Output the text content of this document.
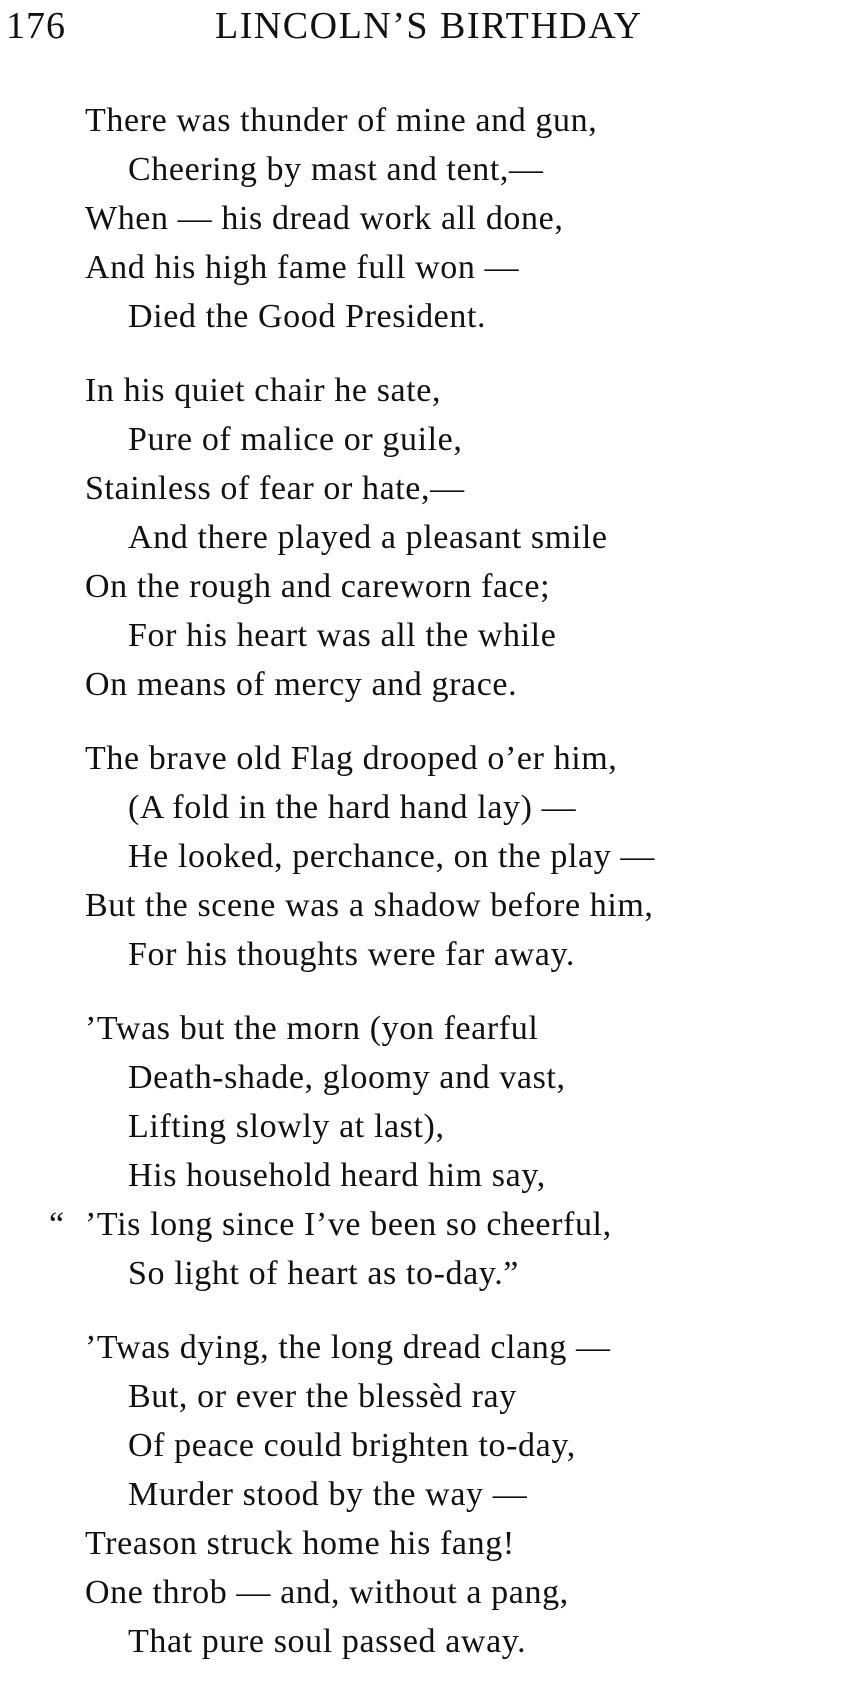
176	LINCOLN’S BIRTHDAY
There was thunder of mine and gun,
Cheering by mast and tent,—
When — his dread work all done,
And his high fame full won —
Died the Good President.
In his quiet chair he sate,
Pure of malice or guile,
Stainless of fear or hate,—
And there played a pleasant smile
On the rough and careworn face;
For his heart was all the while
On means of mercy and grace.
The brave old Flag drooped o’er him,
(A fold in the hard hand lay) —
He looked, perchance, on the play —
But the scene was a shadow before him,
For his thoughts were far away.
’Twas but the morn (yon fearful
Death-shade, gloomy and vast,
Lifting slowly at last),
His household heard him say,
“ ’Tis long since I’ve been so cheerful,
So light of heart as to-day.”
’Twas dying, the long dread clang —
But, or ever the blessèd ray
Of peace could brighten to-day,
Murder stood by the way —
Treason struck home his fang!
One throb — and, without a pang,
That pure soul passed away.
